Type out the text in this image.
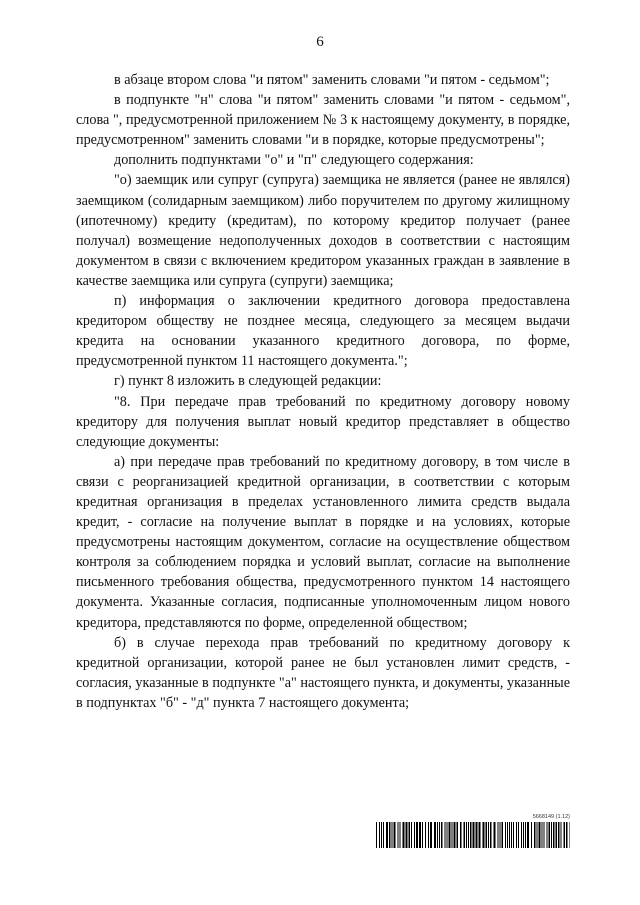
6

в абзаце втором слова "и пятом" заменить словами "и пятом - седьмом";

в подпункте "н" слова "и пятом" заменить словами "и пятом - седьмом", слова ", предусмотренной приложением № 3 к настоящему документу, в порядке, предусмотренном" заменить словами "и в порядке, которые предусмотрены";

дополнить подпунктами "о" и "п" следующего содержания:

"о) заемщик или супруг (супруга) заемщика не является (ранее не являлся) заемщиком (солидарным заемщиком) либо поручителем по другому жилищному (ипотечному) кредиту (кредитам), по которому кредитор получает (ранее получал) возмещение недополученных доходов в соответствии с настоящим документом в связи с включением кредитором указанных граждан в заявление в качестве заемщика или супруга (супруги) заемщика;

п) информация о заключении кредитного договора предоставлена кредитором обществу не позднее месяца, следующего за месяцем выдачи кредита на основании указанного кредитного договора, по форме, предусмотренной пунктом 11 настоящего документа.";

г) пункт 8 изложить в следующей редакции:

"8. При передаче прав требований по кредитному договору новому кредитору для получения выплат новый кредитор представляет в общество следующие документы:

а) при передаче прав требований по кредитному договору, в том числе в связи с реорганизацией кредитной организации, в соответствии с которым кредитная организация в пределах установленного лимита средств выдала кредит, - согласие на получение выплат в порядке и на условиях, которые предусмотрены настоящим документом, согласие на осуществление обществом контроля за соблюдением порядка и условий выплат, согласие на выполнение письменного требования общества, предусмотренного пунктом 14 настоящего документа. Указанные согласия, подписанные уполномоченным лицом нового кредитора, представляются по форме, определенной обществом;

б) в случае перехода прав требований по кредитному договору к кредитной организации, которой ранее не был установлен лимит средств, - согласия, указанные в подпункте "а" настоящего пункта, и документы, указанные в подпунктах "б" - "д" пункта 7 настоящего документа;

5668149 (1.12)
